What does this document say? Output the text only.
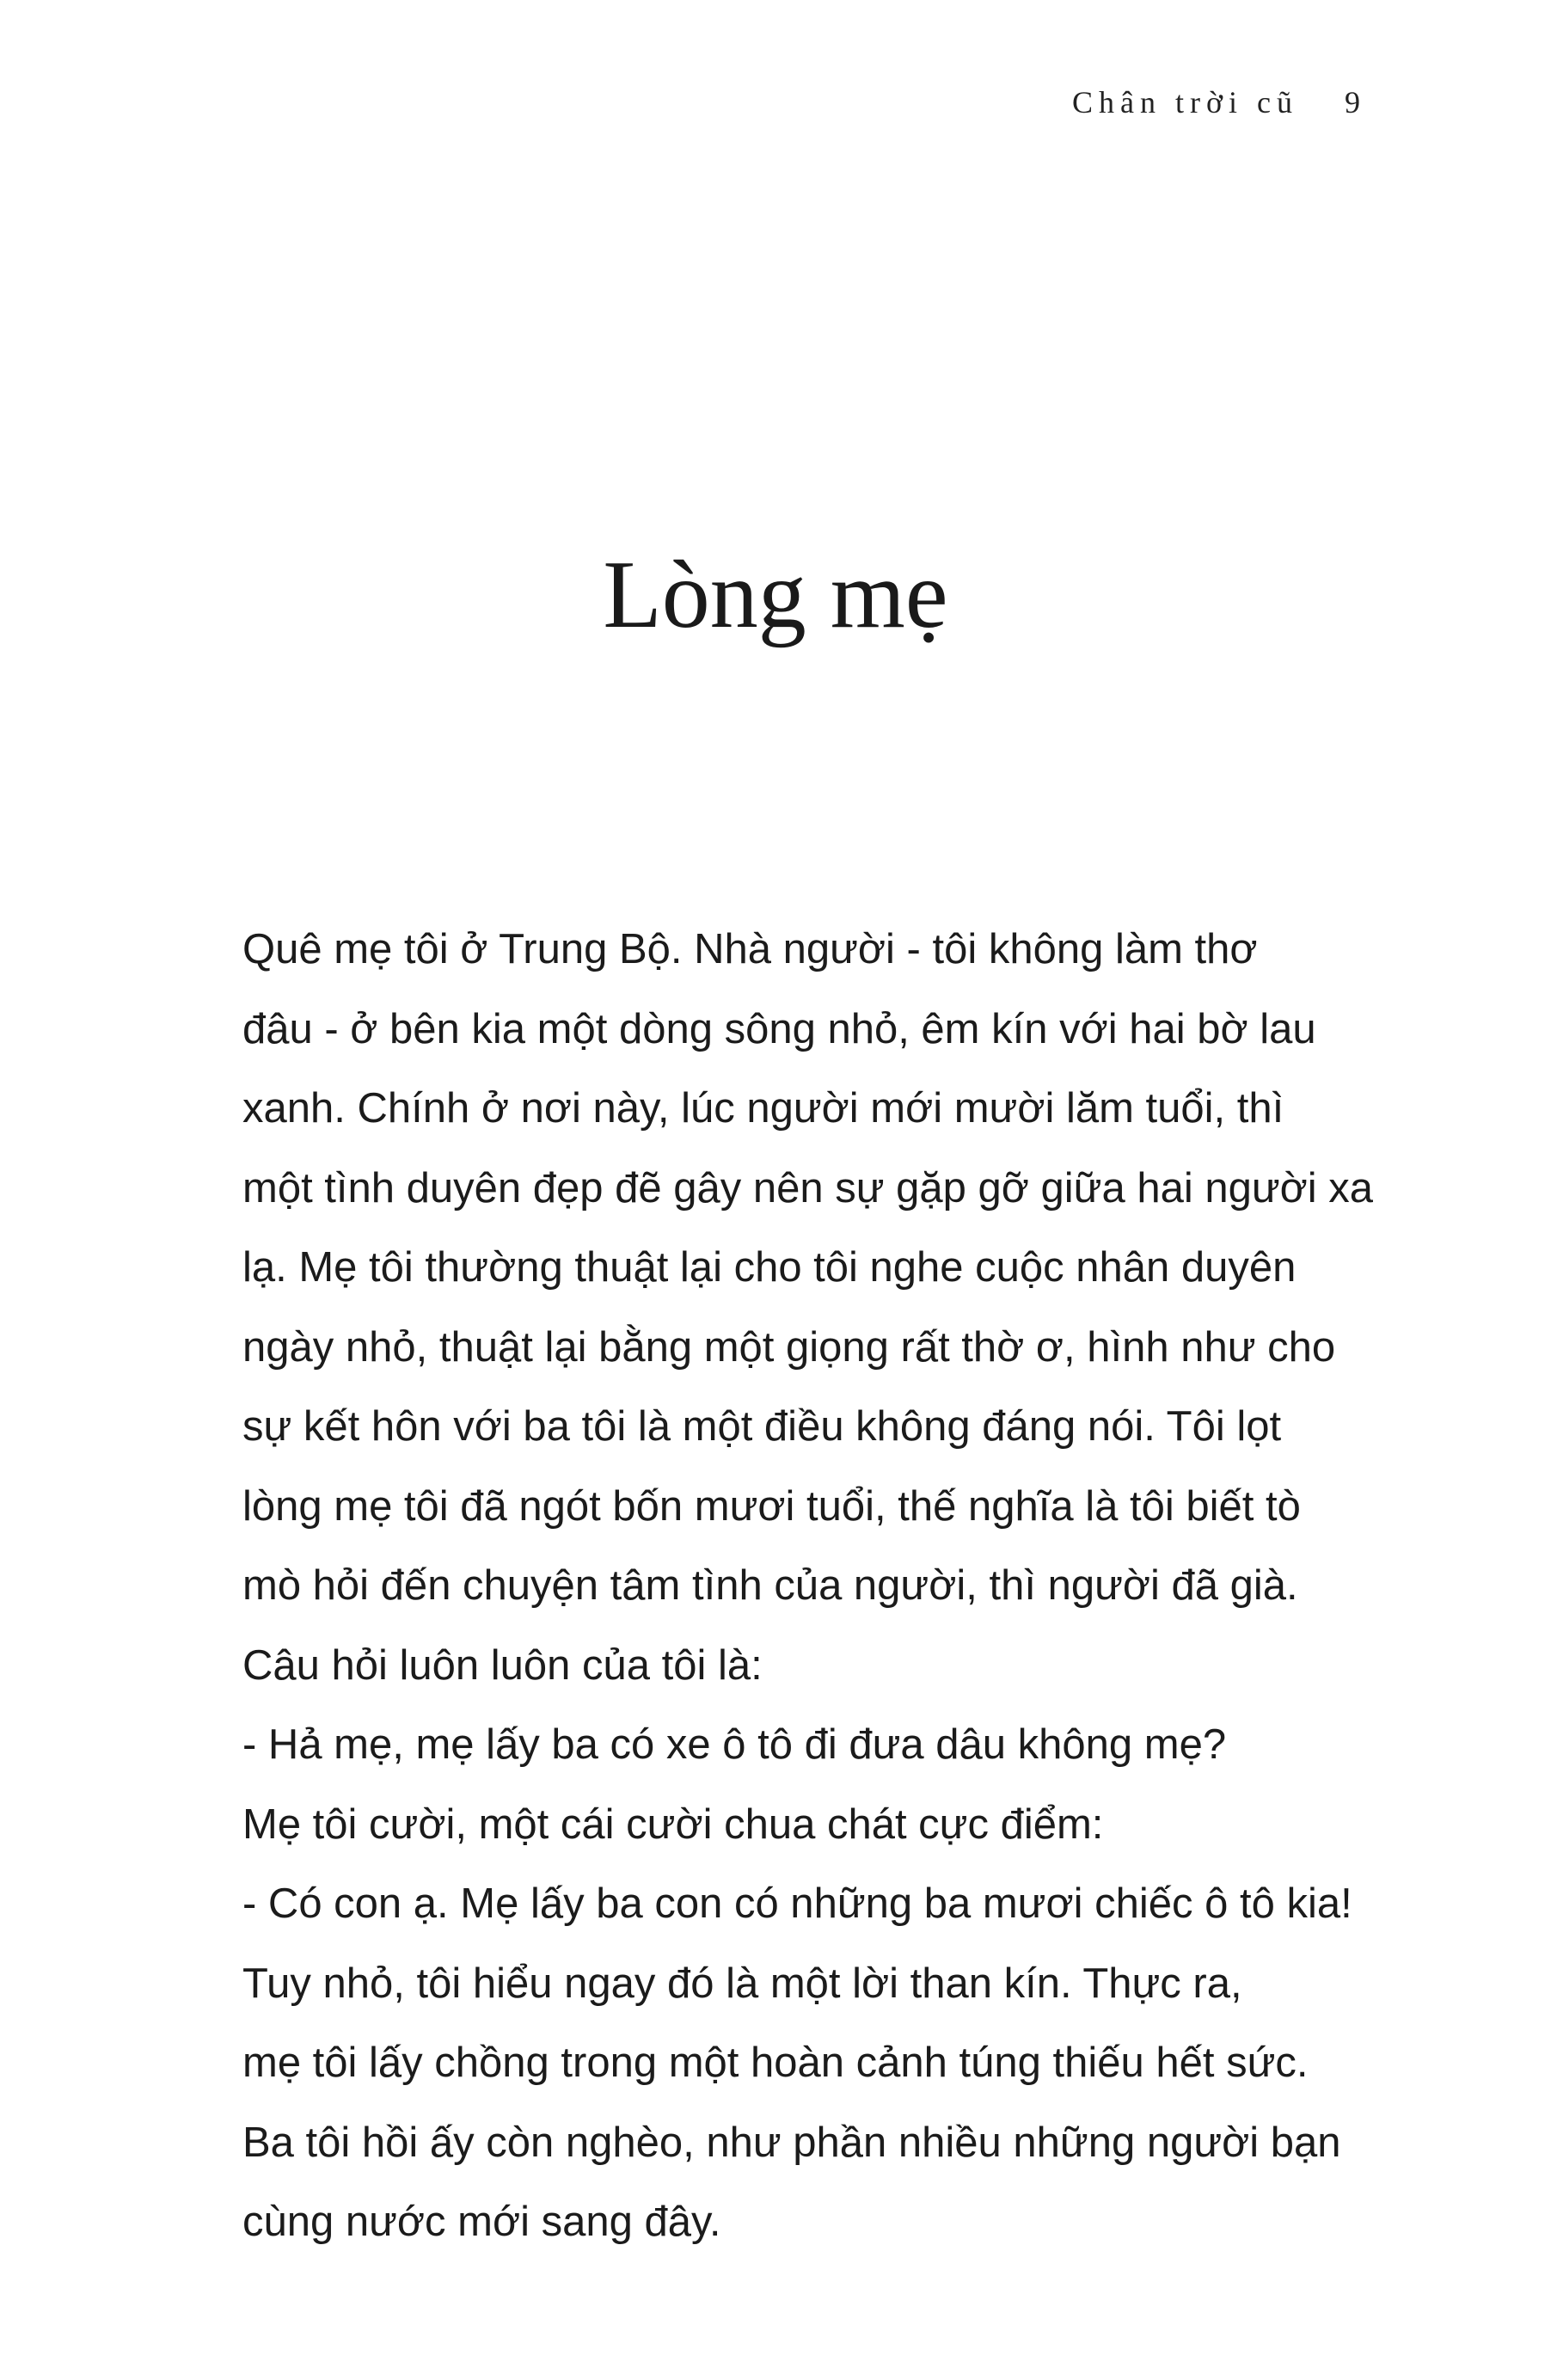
Chân trời cũ 9
Lòng mẹ

Quê mẹ tôi ở Trung Bộ. Nhà người - tôi không làm thơ
đâu - ở bên kia một dòng sông nhỏ, êm kín với hai bờ lau
xanh. Chính ở nơi này, lúc người mới mười lăm tuổi, thì
một tình duyên đẹp đẽ gây nên sự gặp gỡ giữa hai người xa
lạ. Mẹ tôi thường thuật lại cho tôi nghe cuộc nhân duyên
ngày nhỏ, thuật lại bằng một giọng rất thờ ơ, hình như cho
sự kết hôn với ba tôi là một điều không đáng nói. Tôi lọt
lòng mẹ tôi đã ngót bốn mươi tuổi, thế nghĩa là tôi biết tò
mò hỏi đến chuyện tâm tình của người, thì người đã già.
Câu hỏi luôn luôn của tôi là:

- Hả mẹ, mẹ lấy ba có xe ô tô đi đưa dâu không mẹ?

Mẹ tôi cười, một cái cười chua chát cực điểm:

- Có con ạ. Mẹ lấy ba con có những ba mươi chiếc ô tô kia!

Tuy nhỏ, tôi hiểu ngay đó là một lời than kín. Thực ra,
mẹ tôi lấy chồng trong một hoàn cảnh túng thiếu hết sức.
Ba tôi hồi ấy còn nghèo, như phần nhiều những người bạn
cùng nước mới sang đây.
